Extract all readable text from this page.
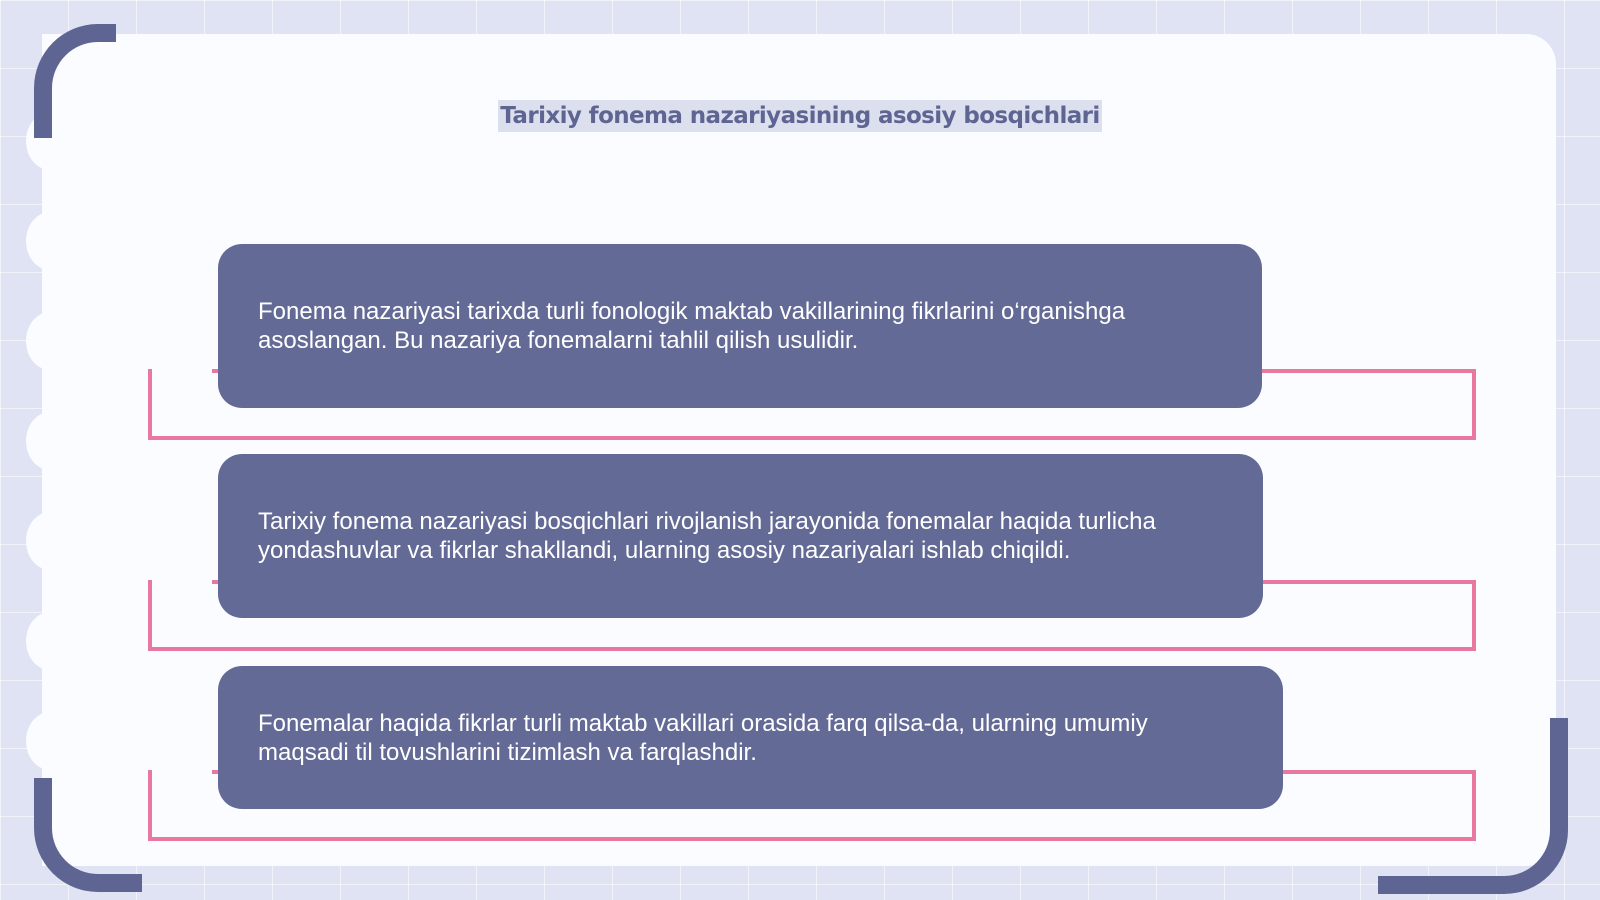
Tarixiy fonema nazariyasining asosiy bosqichlari

Fonema nazariyasi tarixda turli fonologik maktab vakillarining fikrlarini o‘rganishga asoslangan. Bu nazariya fonemalarni tahlil qilish usulidir.

Tarixiy fonema nazariyasi bosqichlari rivojlanish jarayonida fonemalar haqida turlicha yondashuvlar va fikrlar shakllandi, ularning asosiy nazariyalari ishlab chiqildi.

Fonemalar haqida fikrlar turli maktab vakillari orasida farq qilsa-da, ularning umumiy maqsadi til tovushlarini tizimlash va farqlashdir.
